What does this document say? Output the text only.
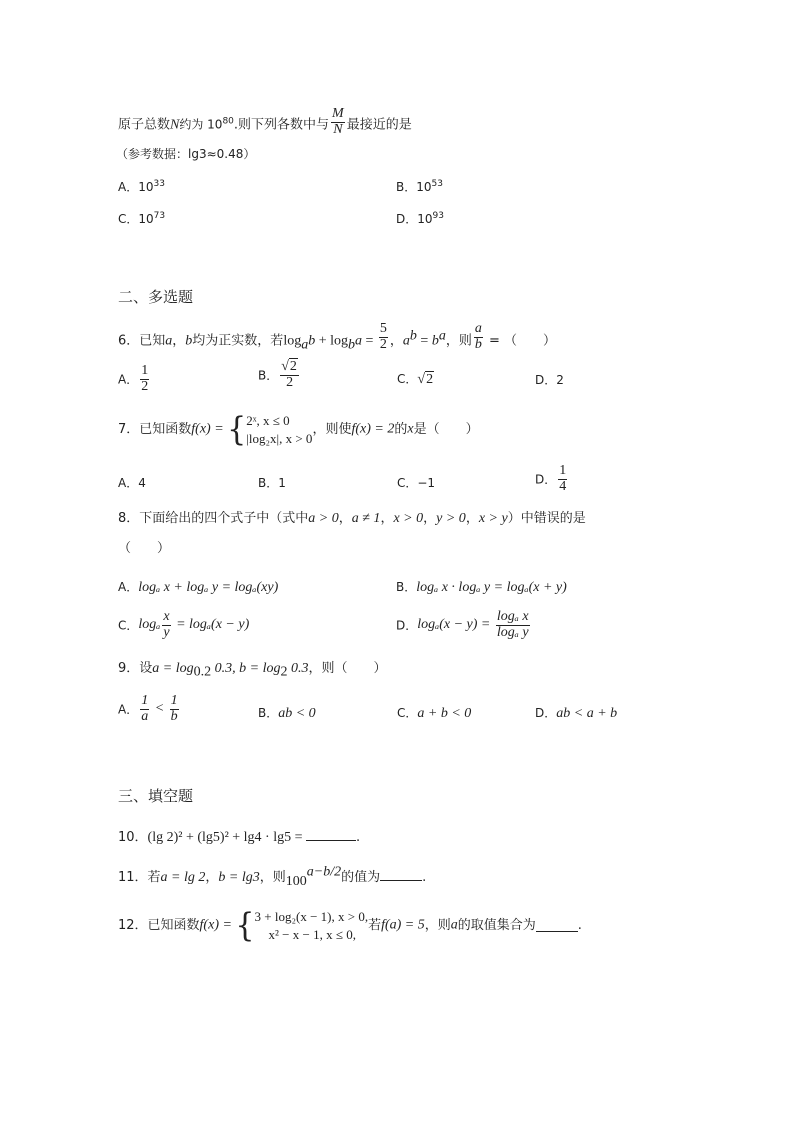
原子总数N约为 $10^{80}$.则下列各数中与 $\frac{M}{N}$ 最接近的是
（参考数据：lg3≈0.48）
A．$10^{33}$	B．$10^{53}$
C．$10^{73}$	D．$10^{93}$
二、多选题
6．已知a，b均为正实数，若$\log_ab + \log_ba = \frac{5}{2}$ ，$a^b = b^a$，则 $\frac{a}{b}$ = （　　）
A． $\frac{1}{2}$	B． $\frac{√2}{2}$	C．√2	D．2
7．已知函数f(x) = { 2ˣ, x ≤ 0
|log₂x|, x > 0
，则使f(x) = 2的x是（　　）
A．4	B．1	C．−1	D． $\frac{1}{4}$
8．下面给出的四个式子中（式中a > 0，a ≠ 1，x > 0，y > 0，x > y）中错误的是
（　　）
A．logₐ x + logₐ y = logₐ(xy)	B．logₐ x · logₐ y = logₐ(x + y)
C．logₐ $\frac{x}{y} = \log_a(x - y)$	D．$\log_a(x - y) = \frac{\text{logₐ x}}{\text{logₐ y}}$
9．设$a = \log_{0.2} 0.3$, $b = \log_2 0.3$，则（　　）
A． $\frac{1}{a} < \frac{1}{b}$	B．ab < 0	C．a + b < 0	D．ab < a + b
三、填空题
10．(lg 2)² + (lg5)² + lg4 · lg5 =	.
11．若a = lg 2，b = lg3，则$100^{a-b/2}$的值为	.
12．已知函数f(x) = { 3 + log₂(x − 1), x > 0,
x² − x − 1, x ≤ 0,
若f(a) = 5，则a的取值集合为	.
